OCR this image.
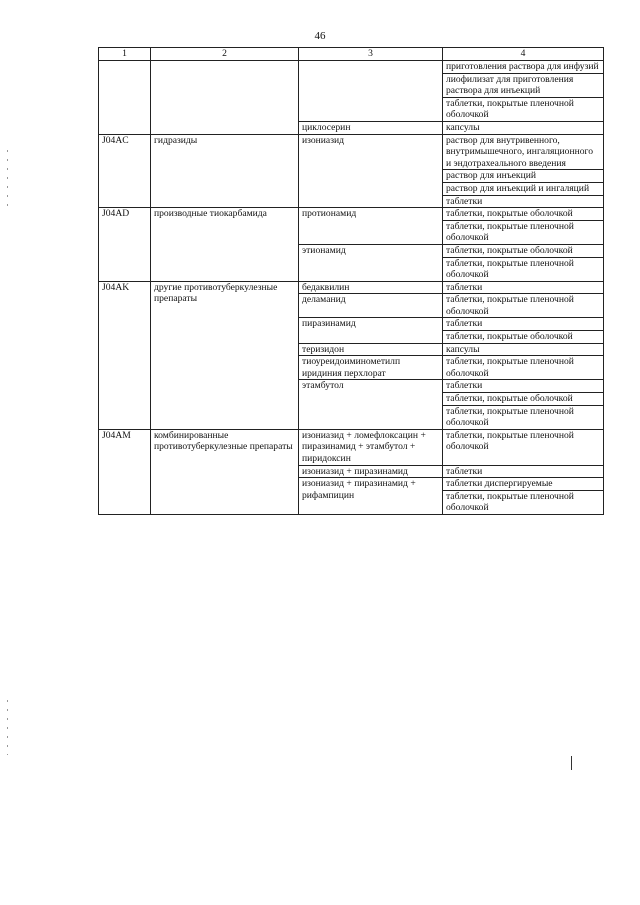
46
1	2	3	4
			приготовления раствора для инфузий
			лиофилизат для приготовления раствора для инъекций
			таблетки, покрытые пленочной оболочкой
		циклосерин	капсулы
J04AC	гидразиды	изониазид	раствор для внутривенного, внутримышечного, ингаляционного и эндотрахеального введения
			раствор для инъекций
			раствор для инъекций и ингаляций
			таблетки
J04AD	производные тиокарбамида	протионамид	таблетки, покрытые оболочкой
			таблетки, покрытые пленочной оболочкой
		этионамид	таблетки, покрытые оболочкой
			таблетки, покрытые пленочной оболочкой
J04AK	другие противотуберкулезные препараты	бедаквилин	таблетки
		деламанид	таблетки, покрытые пленочной оболочкой
		пиразинамид	таблетки
			таблетки, покрытые оболочкой
		теризидон	капсулы
		тиоуреидоиминометилп иридиния перхлорат	таблетки, покрытые пленочной оболочкой
		этамбутол	таблетки
			таблетки, покрытые оболочкой
			таблетки, покрытые пленочной оболочкой
J04AM	комбинированные противотуберкулезные препараты	изониазид + ломефлоксацин + пиразинамид + этамбутол + пиридоксин	таблетки, покрытые пленочной оболочкой
		изониазид + пиразинамид	таблетки
		изониазид + пиразинамид + рифампицин	таблетки диспергируемые
			таблетки, покрытые пленочной оболочкой
